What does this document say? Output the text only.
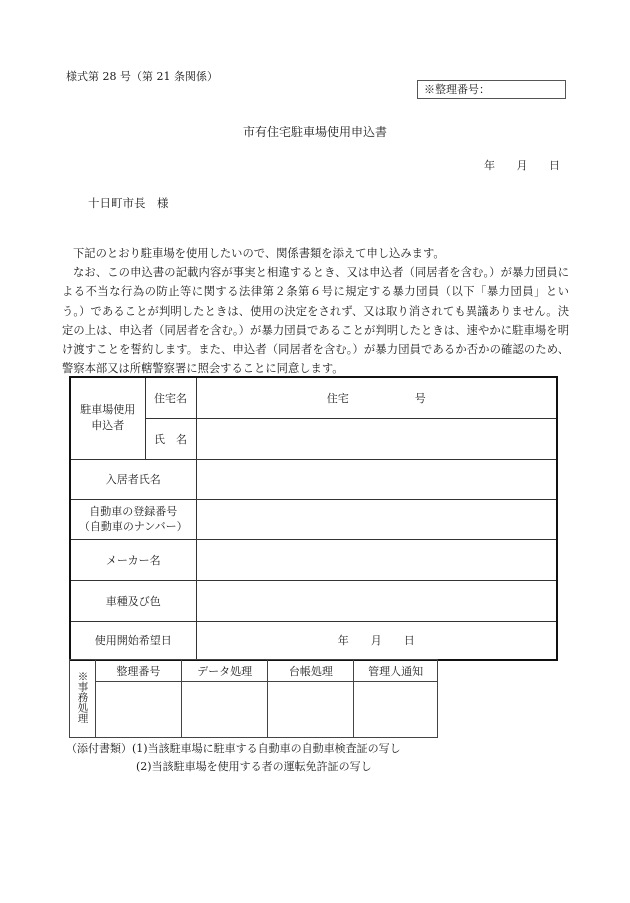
様式第 28 号（第 21 条関係）
※整理番号：
市有住宅駐車場使用申込書
年 月 日
十日町市長　様
下記のとおり駐車場を使用したいので、関係書類を添えて申し込みます。
なお、この申込書の記載内容が事実と相違するとき、又は申込者（同居者を含む。）が暴力団員による不当な行為の防止等に関する法律第２条第６号に規定する暴力団員（以下「暴力団員」という。）であることが判明したときは、使用の決定をされず、又は取り消されても異議ありません。決定の上は、申込者（同居者を含む。）が暴力団員であることが判明したときは、速やかに駐車場を明け渡すことを誓約します。また、申込者（同居者を含む。）が暴力団員であるか否かの確認のため、警察本部又は所轄警察署に照会することに同意します。
駐車場使用申込者	住宅名	住宅　　　　　　号
	氏　名	
入居者氏名		

自動車の登録番号
（自動車のナンバー）		

メーカー名		
車種及び色		
使用開始希望日		年　　月　　日
※事務処理	整理番号	データ処理	台帳処理	管理人通知

（添付書類）(1)当該駐車場に駐車する自動車の自動車検査証の写し
(2)当該駐車場を使用する者の運転免許証の写し
